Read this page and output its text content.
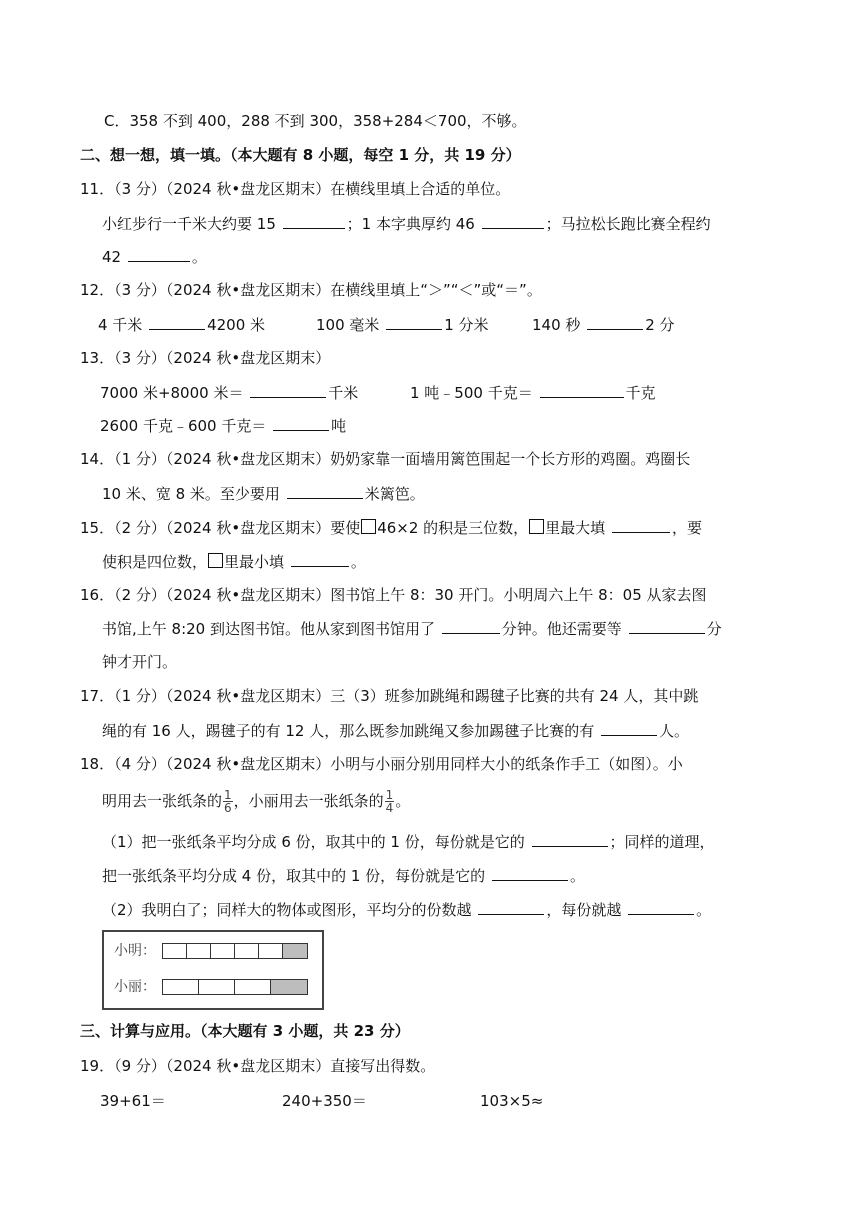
C．358 不到 400，288 不到 300，358+284＜700，不够。
二、想一想，填一填。（本大题有 8 小题，每空 1 分，共 19 分）
11．（3 分）（2024 秋•盘龙区期末）在横线里填上合适的单位。
小红步行一千米大约要 15	；1 本字典厚约 46	；马拉松长跑比赛全程约
42	。
12．（3 分）（2024 秋•盘龙区期末）在横线里填上“＞”“＜”或“＝”。
4 千米	4200 米	100 毫米	1 分米	140 秒	2 分
13．（3 分）（2024 秋•盘龙区期末）
7000 米+8000 米＝	千米	1 吨﹣500 千克＝	千克
2600 千克﹣600 千克＝	吨
14．（1 分）（2024 秋•盘龙区期末）奶奶家靠一面墙用篱笆围起一个长方形的鸡圈。鸡圈长
10 米、宽 8 米。至少要用	米篱笆。
15．（2 分）（2024 秋•盘龙区期末）要使 46×2 的积是三位数， 里最大填	，要
使积是四位数， 里最小填	。
16．（2 分）（2024 秋•盘龙区期末）图书馆上午 8：30 开门。小明周六上午 8：05 从家去图
书馆,上午 8:20 到达图书馆。他从家到图书馆用了	分钟。他还需要等	分
钟才开门。
17．（1 分）（2024 秋•盘龙区期末）三（3）班参加跳绳和踢毽子比赛的共有 24 人，其中跳
绳的有 16 人，踢毽子的有 12 人，那么既参加跳绳又参加踢毽子比赛的有	人。
18．（4 分）（2024 秋•盘龙区期末）小明与小丽分别用同样大小的纸条作手工（如图）。小
明用去一张纸条的 $\frac{1}{6}$ ，小丽用去一张纸条的 $\frac{1}{4}$ 。
（1）把一张纸条平均分成 6 份，取其中的 1 份，每份就是它的	；同样的道理，
把一张纸条平均分成 4 份，取其中的 1 份，每份就是它的	。
（2）我明白了；同样大的物体或图形，平均分的份数越	，每份就越	。
小明：
小丽：
三、计算与应用。（本大题有 3 小题，共 23 分）
19．（9 分）（2024 秋•盘龙区期末）直接写出得数。
39+61＝	240+350＝	103×5≈
